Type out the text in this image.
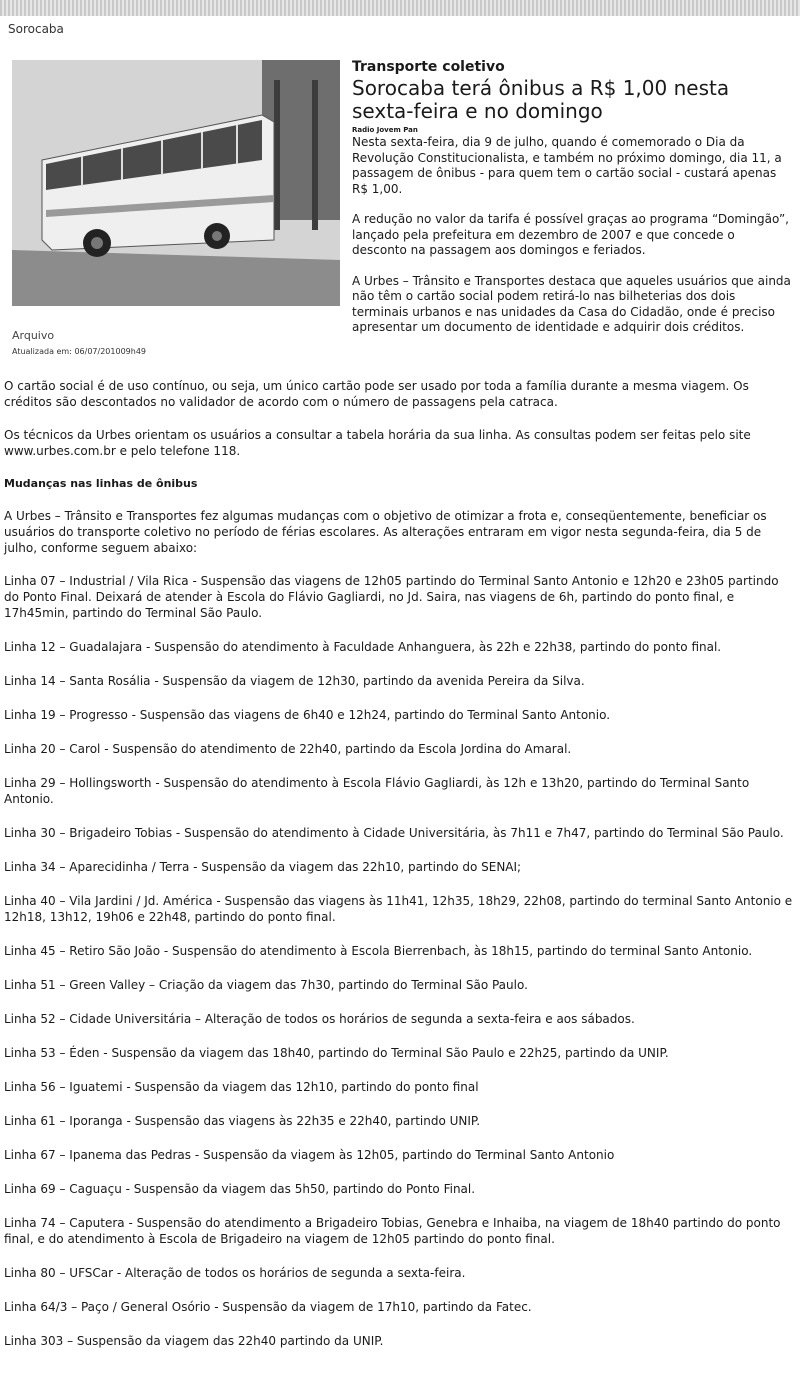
Sorocaba
Arquivo
Atualizada em: 06/07/201009h49
Transporte coletivo
Sorocaba terá ônibus a R$ 1,00 nesta sexta-feira e no domingo
Radio Jovem Pan

Nesta sexta-feira, dia 9 de julho, quando é comemorado o Dia da Revolução Constitucionalista, e também no próximo domingo, dia 11, a passagem de ônibus - para quem tem o cartão social - custará apenas R$ 1,00.

A redução no valor da tarifa é possível graças ao programa “Domingão”, lançado pela prefeitura em dezembro de 2007 e que concede o desconto na passagem aos domingos e feriados.

A Urbes – Trânsito e Transportes destaca que aqueles usuários que ainda não têm o cartão social podem retirá-lo nas bilheterias dos dois terminais urbanos e nas unidades da Casa do Cidadão, onde é preciso apresentar um documento de identidade e adquirir dois créditos.

O cartão social é de uso contínuo, ou seja, um único cartão pode ser usado por toda a família durante a mesma viagem. Os créditos são descontados no validador de acordo com o número de passagens pela catraca.

Os técnicos da Urbes orientam os usuários a consultar a tabela horária da sua linha. As consultas podem ser feitas pelo site www.urbes.com.br e pelo telefone 118.

Mudanças nas linhas de ônibus

A Urbes – Trânsito e Transportes fez algumas mudanças com o objetivo de otimizar a frota e, conseqüentemente, beneficiar os usuários do transporte coletivo no período de férias escolares. As alterações entraram em vigor nesta segunda-feira, dia 5 de julho, conforme seguem abaixo:

Linha 07 – Industrial / Vila Rica - Suspensão das viagens de 12h05 partindo do Terminal Santo Antonio e 12h20 e 23h05 partindo do Ponto Final. Deixará de atender à Escola do Flávio Gagliardi, no Jd. Saira, nas viagens de 6h, partindo do ponto final, e 17h45min, partindo do Terminal São Paulo.
Linha 12 – Guadalajara - Suspensão do atendimento à Faculdade Anhanguera, às 22h e 22h38, partindo do ponto final.
Linha 14 – Santa Rosália - Suspensão da viagem de 12h30, partindo da avenida Pereira da Silva.
Linha 19 – Progresso - Suspensão das viagens de 6h40 e 12h24, partindo do Terminal Santo Antonio.
Linha 20 – Carol - Suspensão do atendimento de 22h40, partindo da Escola Jordina do Amaral.
Linha 29 – Hollingsworth - Suspensão do atendimento à Escola Flávio Gagliardi, às 12h e 13h20, partindo do Terminal Santo Antonio.
Linha 30 – Brigadeiro Tobias - Suspensão do atendimento à Cidade Universitária, às 7h11 e 7h47, partindo do Terminal São Paulo.
Linha 34 – Aparecidinha / Terra - Suspensão da viagem das 22h10, partindo do SENAI;
Linha 40 – Vila Jardini / Jd. América - Suspensão das viagens às 11h41, 12h35, 18h29, 22h08, partindo do terminal Santo Antonio e 12h18, 13h12, 19h06 e 22h48, partindo do ponto final.
Linha 45 – Retiro São João - Suspensão do atendimento à Escola Bierrenbach, às 18h15, partindo do terminal Santo Antonio.
Linha 51 – Green Valley – Criação da viagem das 7h30, partindo do Terminal São Paulo.
Linha 52 – Cidade Universitária – Alteração de todos os horários de segunda a sexta-feira e aos sábados.
Linha 53 – Éden - Suspensão da viagem das 18h40, partindo do Terminal São Paulo e 22h25, partindo da UNIP.
Linha 56 – Iguatemi - Suspensão da viagem das 12h10, partindo do ponto final
Linha 61 – Iporanga - Suspensão das viagens às 22h35 e 22h40, partindo UNIP.
Linha 67 – Ipanema das Pedras - Suspensão da viagem às 12h05, partindo do Terminal Santo Antonio
Linha 69 – Caguaçu - Suspensão da viagem das 5h50, partindo do Ponto Final.
Linha 74 – Caputera - Suspensão do atendimento a Brigadeiro Tobias, Genebra e Inhaiba, na viagem de 18h40 partindo do ponto final, e do atendimento à Escola de Brigadeiro na viagem de 12h05 partindo do ponto final.
Linha 80 – UFSCar - Alteração de todos os horários de segunda a sexta-feira.
Linha 64/3 – Paço / General Osório - Suspensão da viagem de 17h10, partindo da Fatec.
Linha 303 – Suspensão da viagem das 22h40 partindo da UNIP.
